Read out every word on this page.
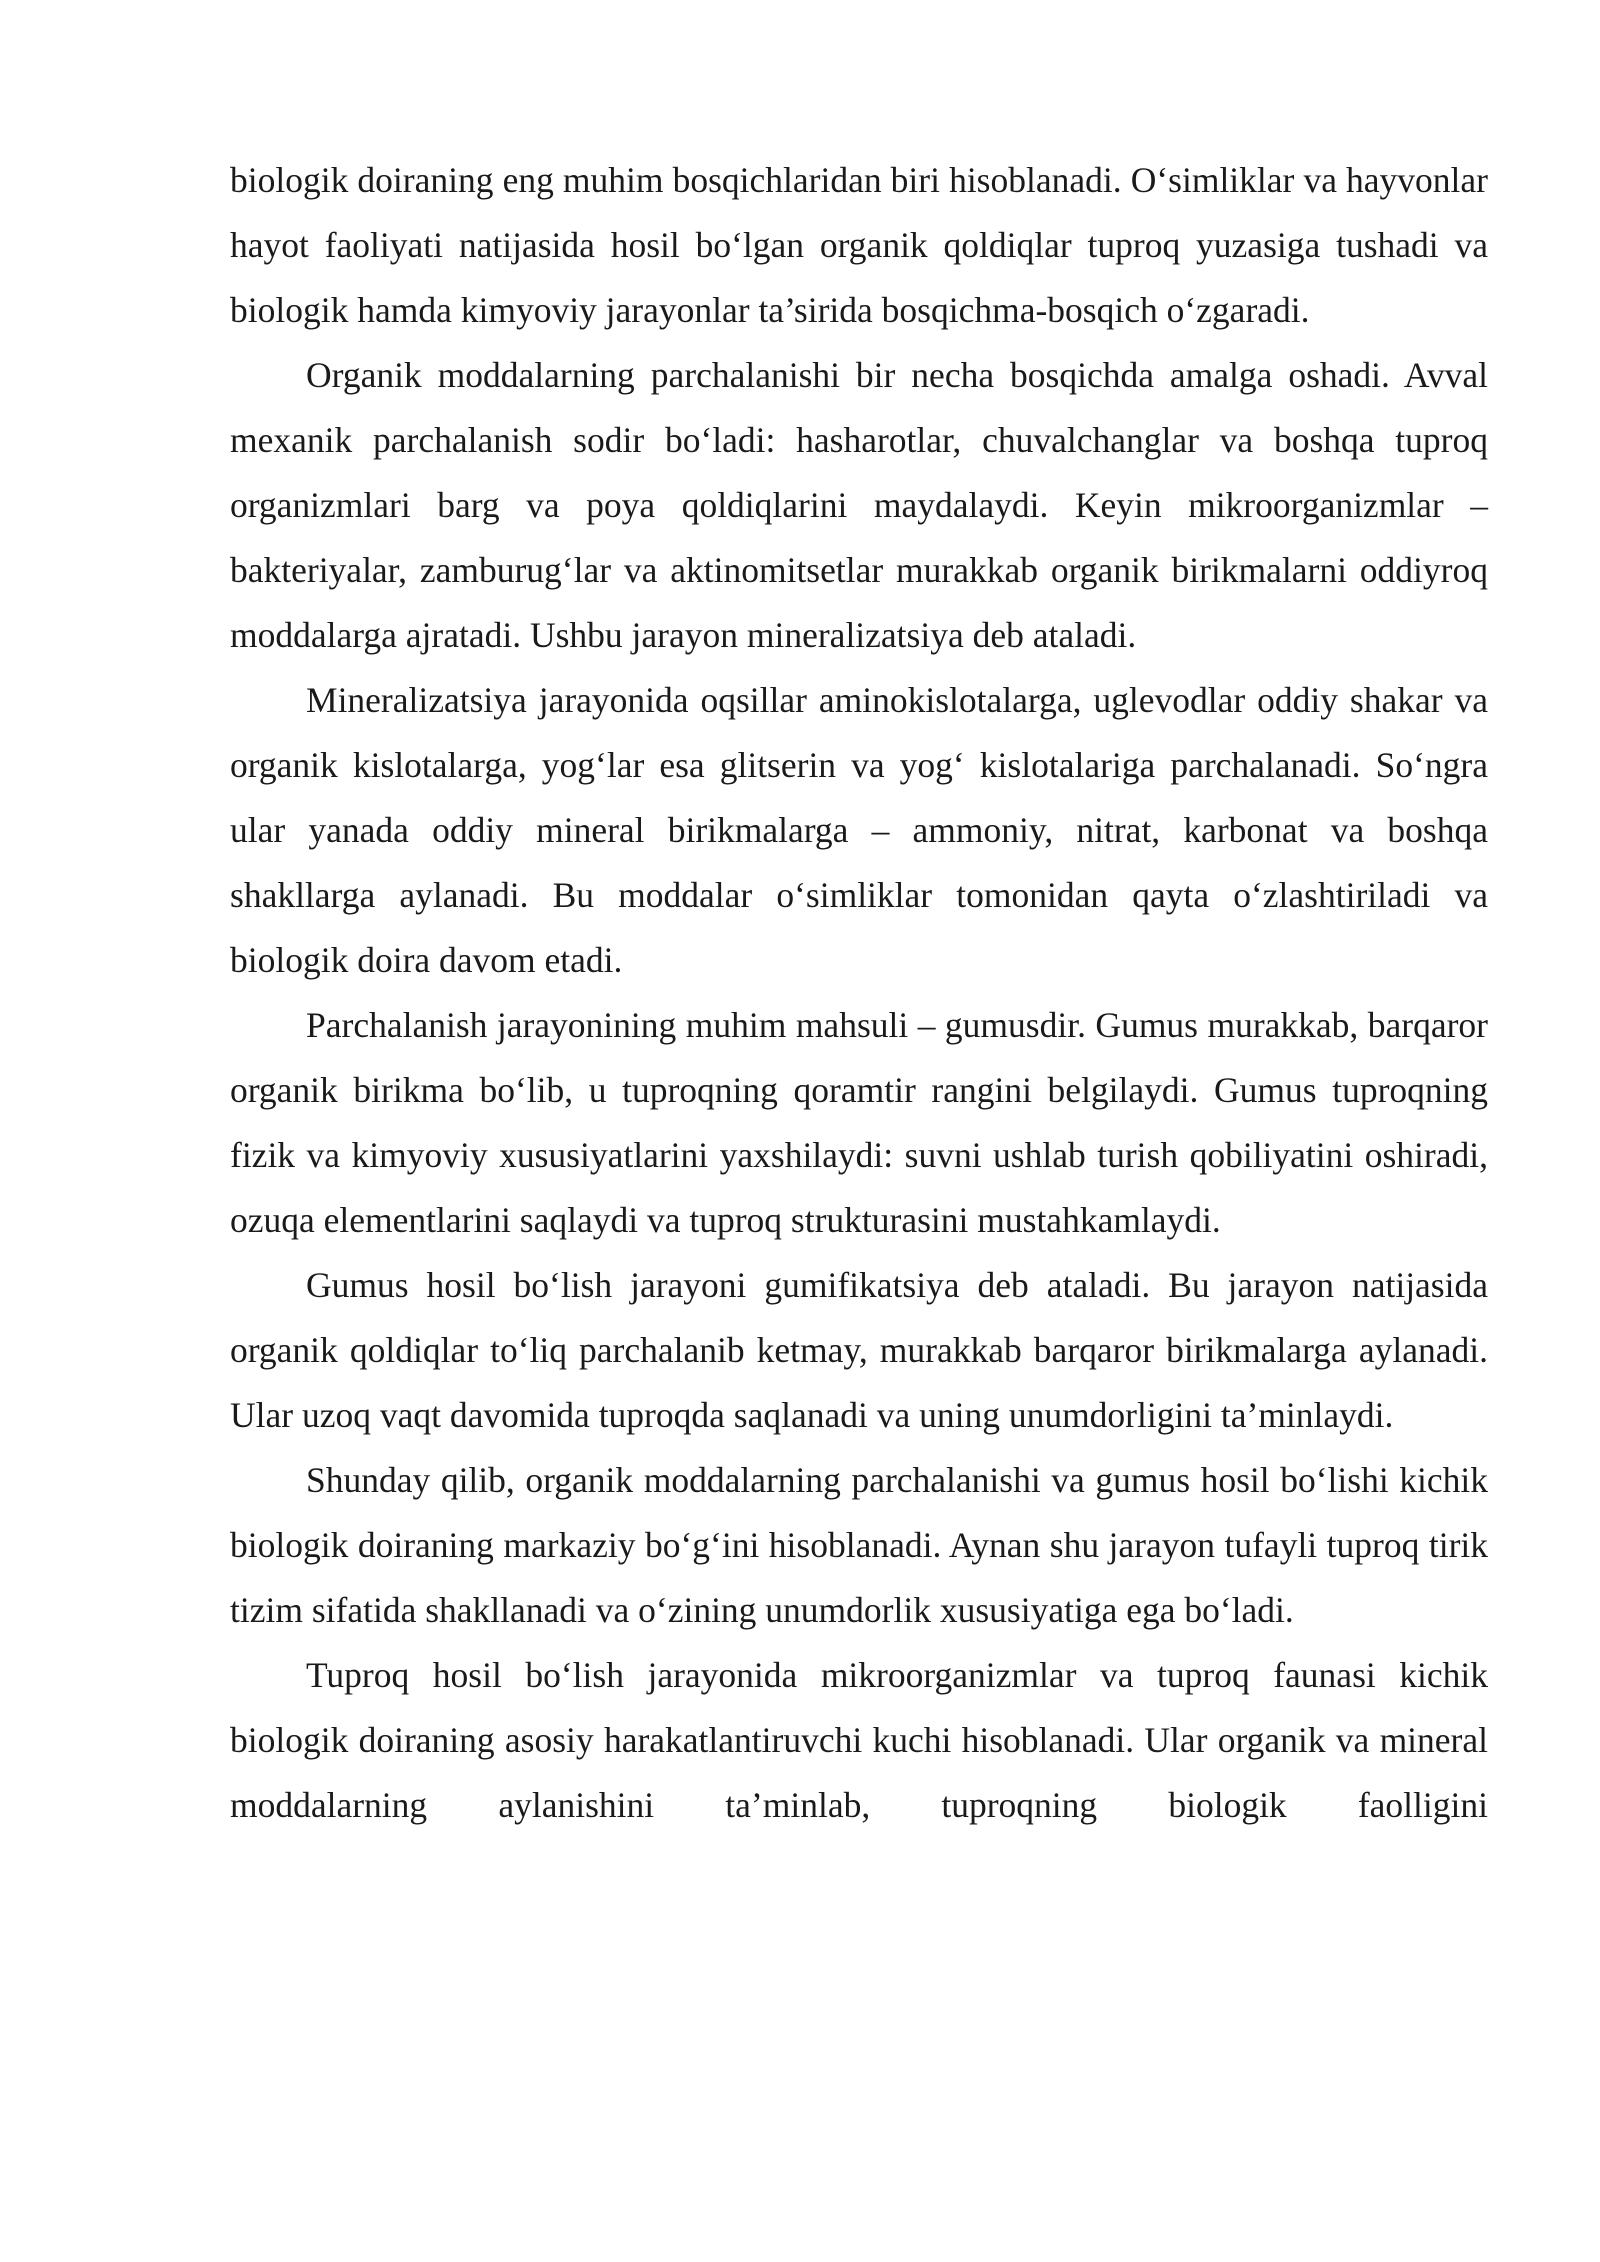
biologik doiraning eng muhim bosqichlaridan biri hisoblanadi. O‘simliklar va hayvonlar hayot faoliyati natijasida hosil bo‘lgan organik qoldiqlar tuproq yuzasiga tushadi va biologik hamda kimyoviy jarayonlar ta’sirida bosqichma-bosqich o‘zgaradi.

Organik moddalarning parchalanishi bir necha bosqichda amalga oshadi. Avval mexanik parchalanish sodir bo‘ladi: hasharotlar, chuvalchanglar va boshqa tuproq organizmlari barg va poya qoldiqlarini maydalaydi. Keyin mikroorganizmlar – bakteriyalar, zamburug‘lar va aktinomitsetlar murakkab organik birikmalarni oddiyroq moddalarga ajratadi. Ushbu jarayon mineralizatsiya deb ataladi.

Mineralizatsiya jarayonida oqsillar aminokislotalarga, uglevodlar oddiy shakar va organik kislotalarga, yog‘lar esa glitserin va yog‘ kislotalariga parchalanadi. So‘ngra ular yanada oddiy mineral birikmalarga – ammoniy, nitrat, karbonat va boshqa shakllarga aylanadi. Bu moddalar o‘simliklar tomonidan qayta o‘zlashtiriladi va biologik doira davom etadi.

Parchalanish jarayonining muhim mahsuli – gumusdir. Gumus murakkab, barqaror organik birikma bo‘lib, u tuproqning qoramtir rangini belgilaydi. Gumus tuproqning fizik va kimyoviy xususiyatlarini yaxshilaydi: suvni ushlab turish qobiliyatini oshiradi, ozuqa elementlarini saqlaydi va tuproq strukturasini mustahkamlaydi.

Gumus hosil bo‘lish jarayoni gumifikatsiya deb ataladi. Bu jarayon natijasida organik qoldiqlar to‘liq parchalanib ketmay, murakkab barqaror birikmalarga aylanadi. Ular uzoq vaqt davomida tuproqda saqlanadi va uning unumdorligini ta’minlaydi.

Shunday qilib, organik moddalarning parchalanishi va gumus hosil bo‘lishi kichik biologik doiraning markaziy bo‘g‘ini hisoblanadi. Aynan shu jarayon tufayli tuproq tirik tizim sifatida shakllanadi va o‘zining unumdorlik xususiyatiga ega bo‘ladi.

Tuproq hosil bo‘lish jarayonida mikroorganizmlar va tuproq faunasi kichik biologik doiraning asosiy harakatlantiruvchi kuchi hisoblanadi. Ular organik va mineral moddalarning aylanishini ta’minlab, tuproqning biologik faolligini
